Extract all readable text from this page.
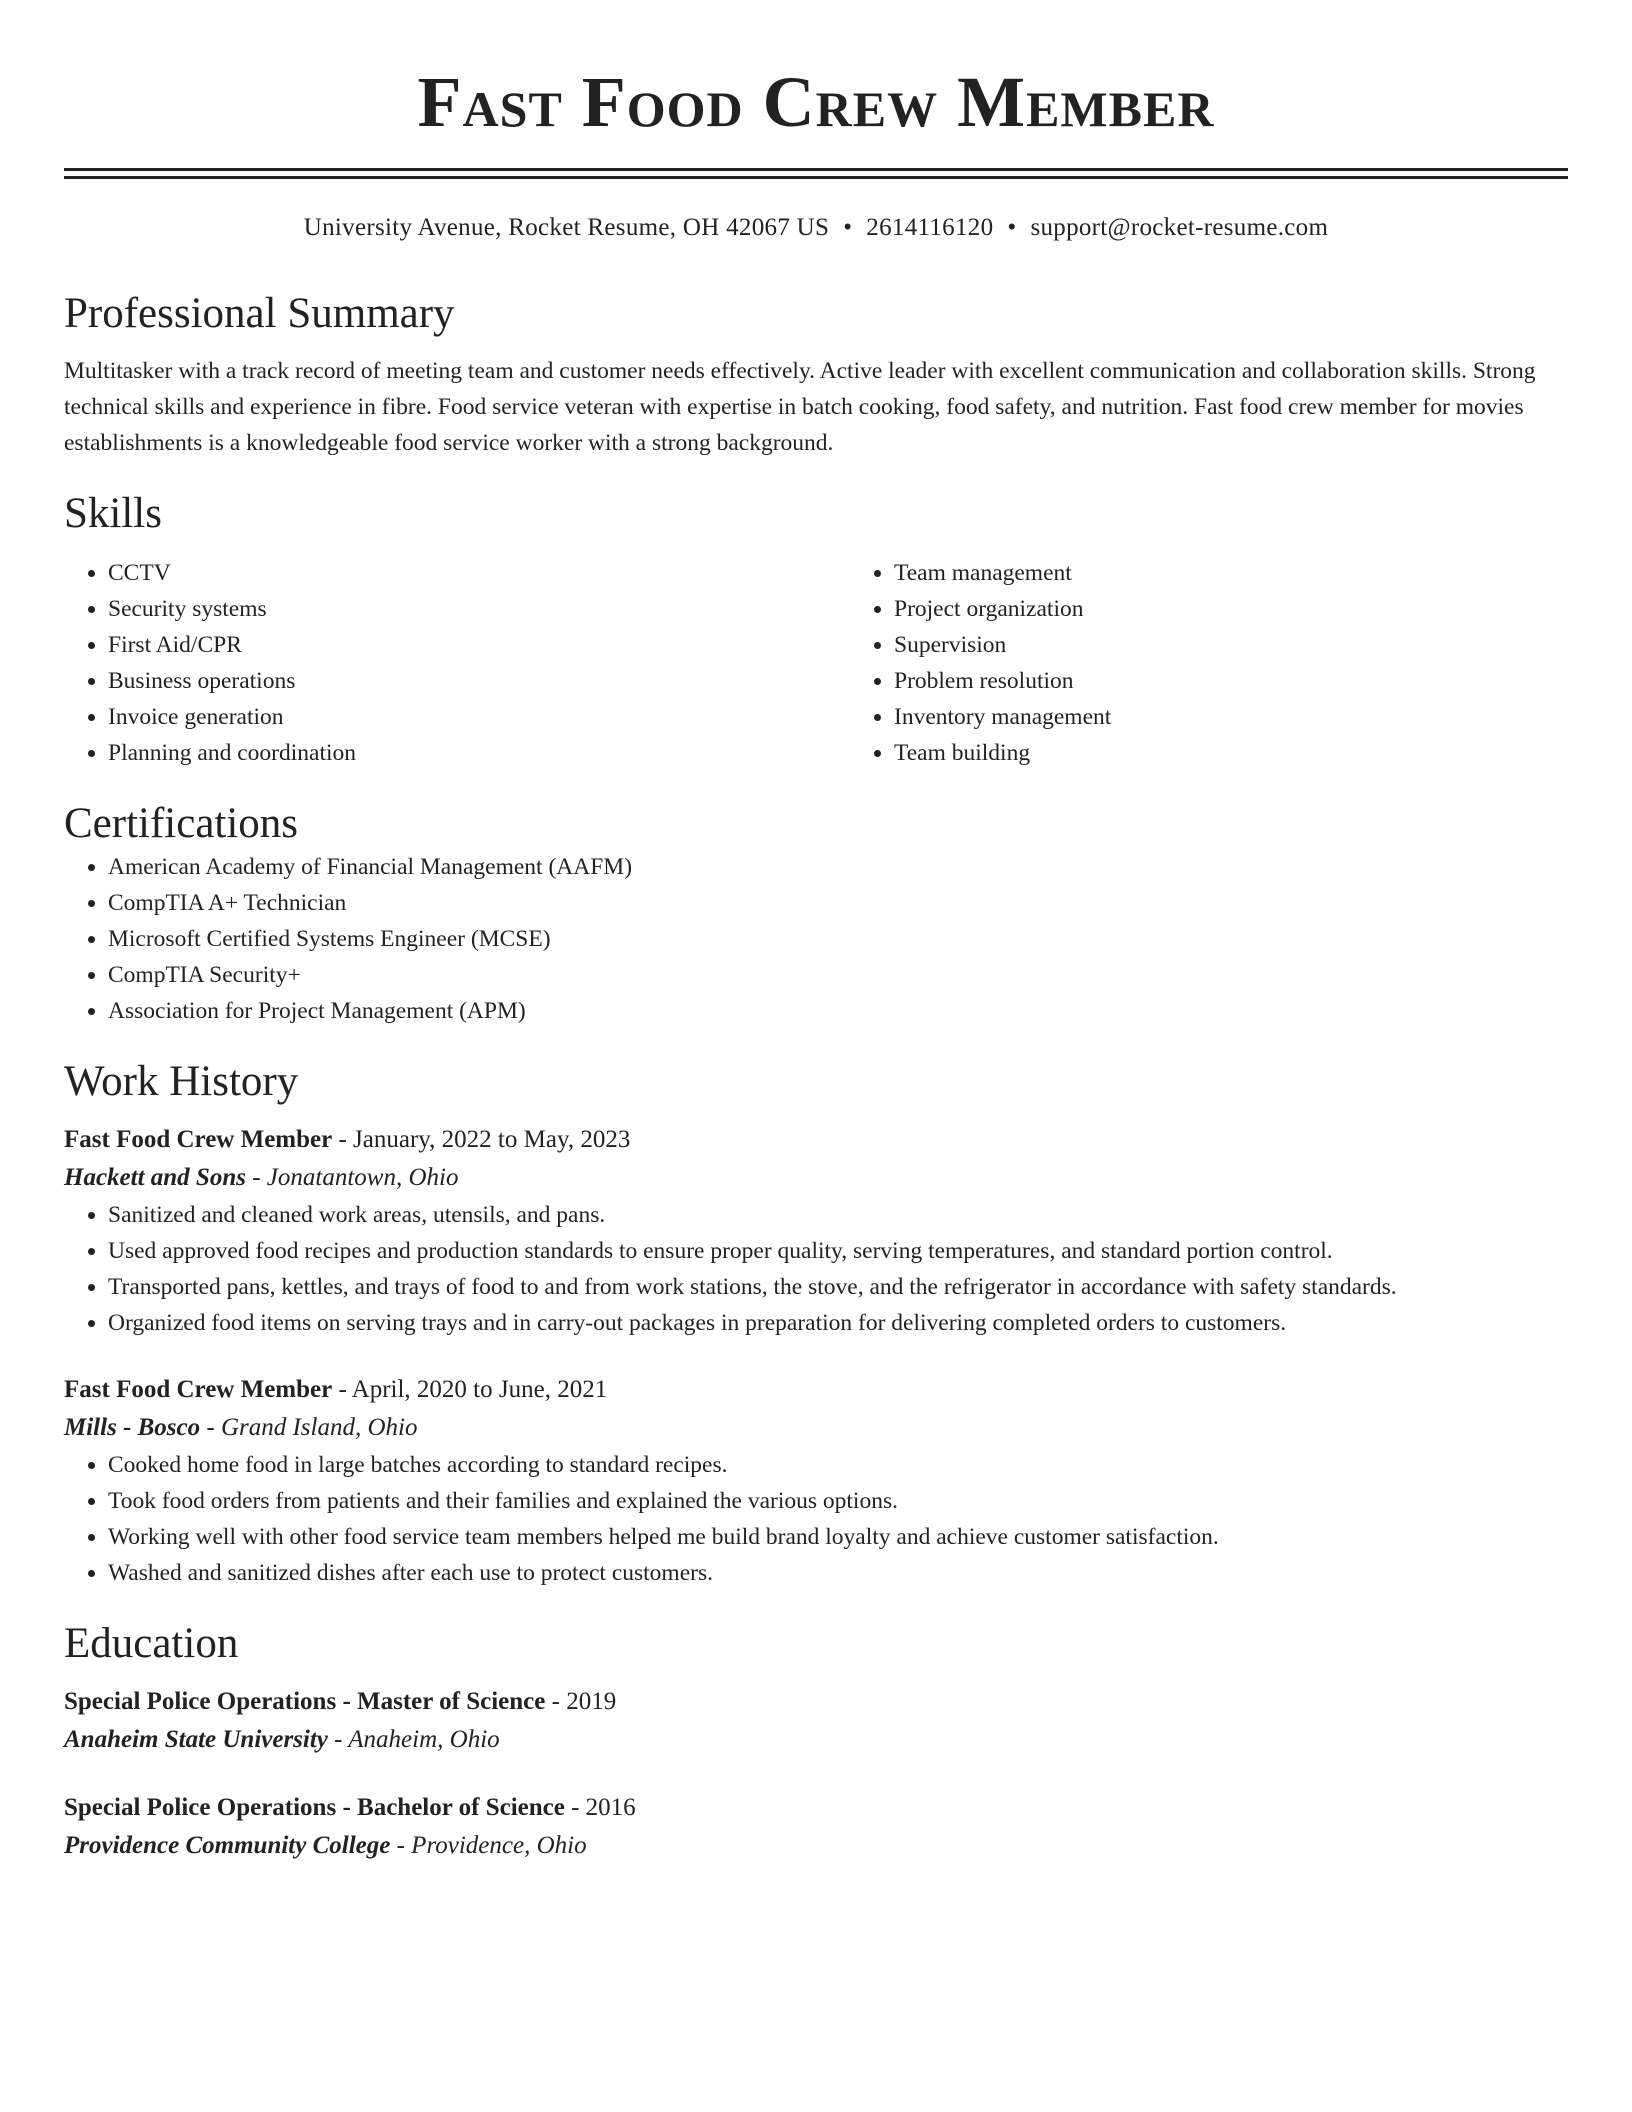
Fast Food Crew Member
University Avenue, Rocket Resume, OH 42067 US • 2614116120 • support@rocket-resume.com
Professional Summary
Multitasker with a track record of meeting team and customer needs effectively. Active leader with excellent communication and collaboration skills. Strong technical skills and experience in fibre. Food service veteran with expertise in batch cooking, food safety, and nutrition. Fast food crew member for movies establishments is a knowledgeable food service worker with a strong background.
Skills
• CCTV
• Security systems
• First Aid/CPR
• Business operations
• Invoice generation
• Planning and coordination
• Team management
• Project organization
• Supervision
• Problem resolution
• Inventory management
• Team building
Certifications
• American Academy of Financial Management (AAFM)
• CompTIA A+ Technician
• Microsoft Certified Systems Engineer (MCSE)
• CompTIA Security+
• Association for Project Management (APM)
Work History
Fast Food Crew Member - January, 2022 to May, 2023
Hackett and Sons - Jonatantown, Ohio
• Sanitized and cleaned work areas, utensils, and pans.
• Used approved food recipes and production standards to ensure proper quality, serving temperatures, and standard portion control.
• Transported pans, kettles, and trays of food to and from work stations, the stove, and the refrigerator in accordance with safety standards.
• Organized food items on serving trays and in carry-out packages in preparation for delivering completed orders to customers.
Fast Food Crew Member - April, 2020 to June, 2021
Mills - Bosco - Grand Island, Ohio
• Cooked home food in large batches according to standard recipes.
• Took food orders from patients and their families and explained the various options.
• Working well with other food service team members helped me build brand loyalty and achieve customer satisfaction.
• Washed and sanitized dishes after each use to protect customers.
Education
Special Police Operations - Master of Science - 2019
Anaheim State University - Anaheim, Ohio
Special Police Operations - Bachelor of Science - 2016
Providence Community College - Providence, Ohio
